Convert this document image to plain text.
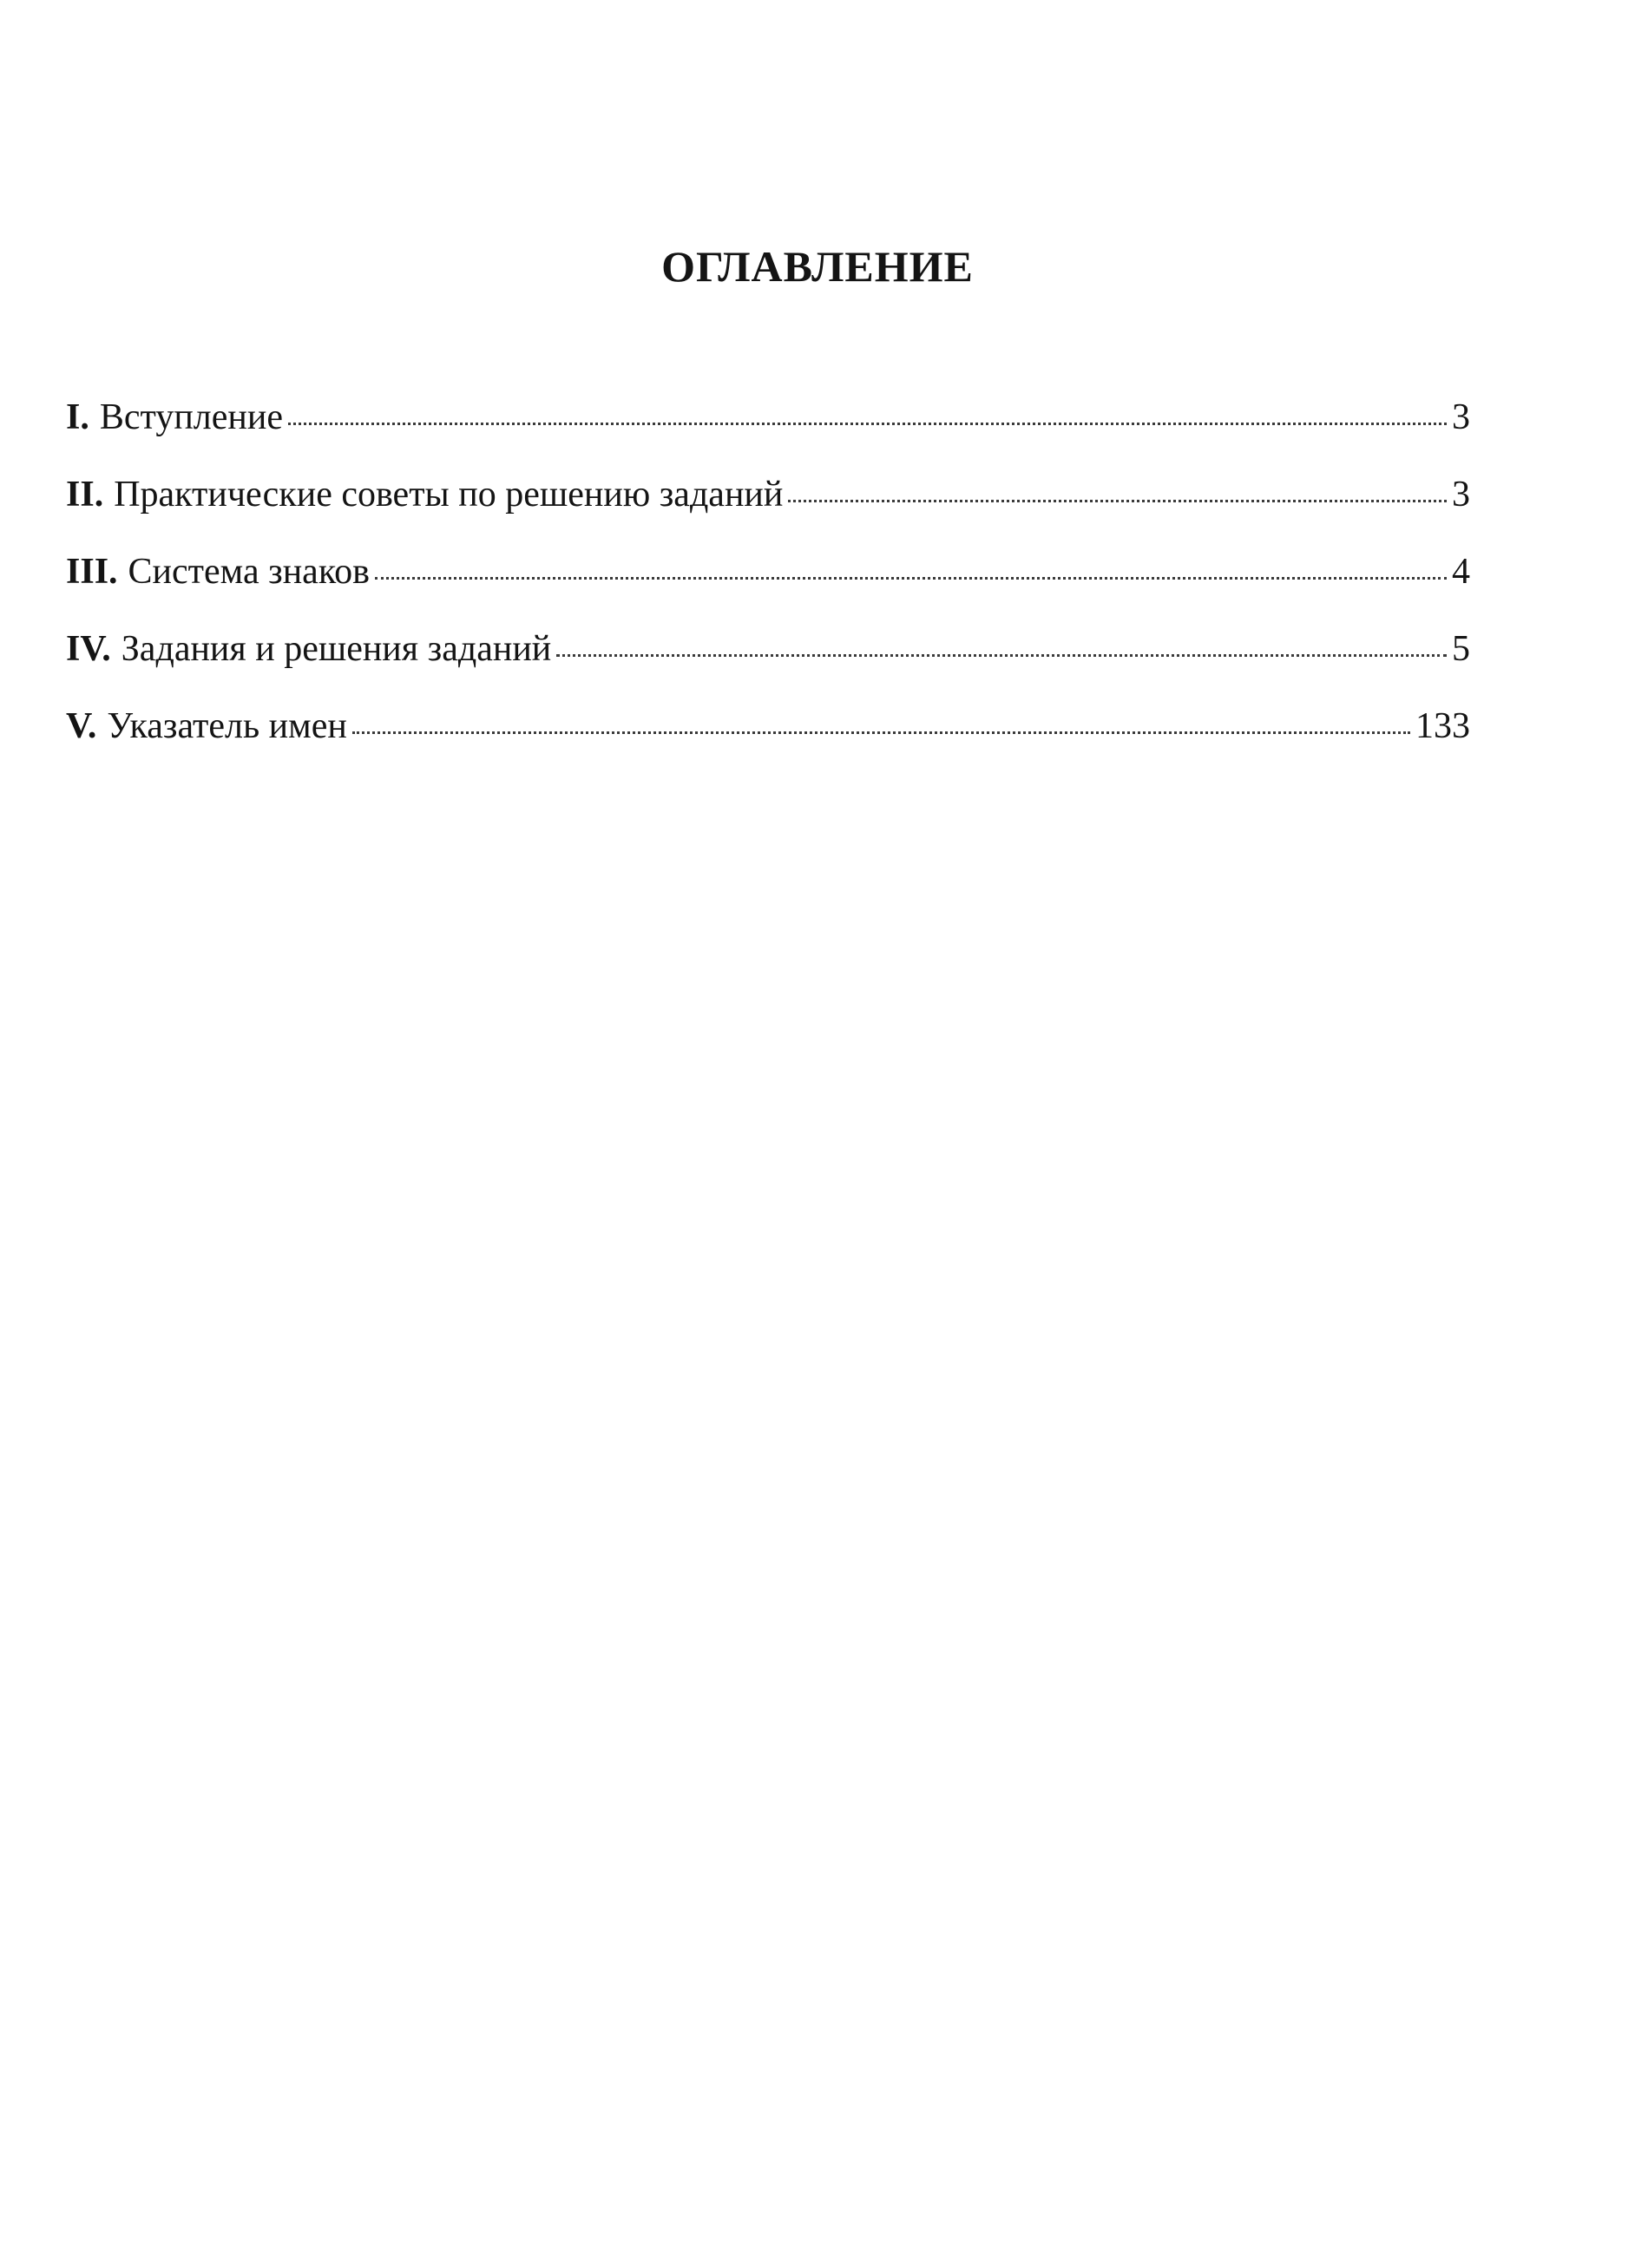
ОГЛАВЛЕНИЕ
I. Вступление	3
II. Практические советы по решению заданий	3
III. Система знаков	4
IV. Задания и решения заданий	5
V. Указатель имен	133
